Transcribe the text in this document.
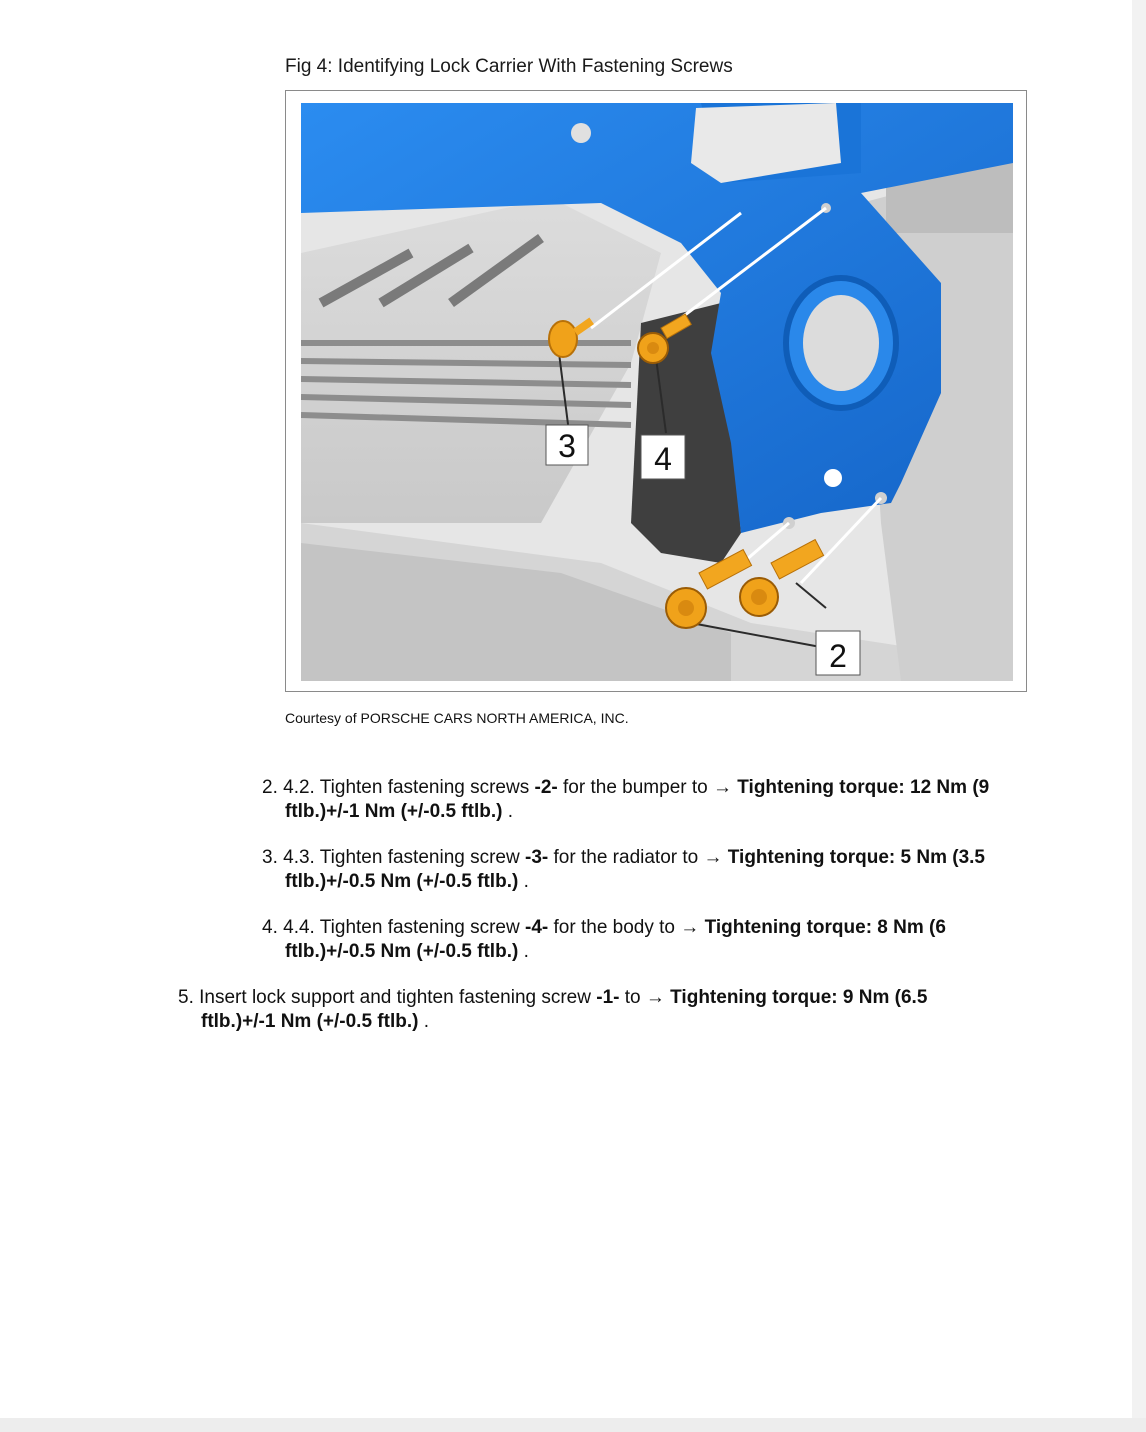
Fig 4: Identifying Lock Carrier With Fastening Screws
3 4
2
Courtesy of PORSCHE CARS NORTH AMERICA, INC.
2. 4.2. Tighten fastening screws -2- for the bumper to → Tightening torque: 12 Nm (9
ftlb.)+/-1 Nm (+/-0.5 ftlb.) .
3. 4.3. Tighten fastening screw -3- for the radiator to → Tightening torque: 5 Nm (3.5
ftlb.)+/-0.5 Nm (+/-0.5 ftlb.) .
4. 4.4. Tighten fastening screw -4- for the body to → Tightening torque: 8 Nm (6
ftlb.)+/-0.5 Nm (+/-0.5 ftlb.) .
5. Insert lock support and tighten fastening screw -1- to → Tightening torque: 9 Nm (6.5
ftlb.)+/-1 Nm (+/-0.5 ftlb.) .
